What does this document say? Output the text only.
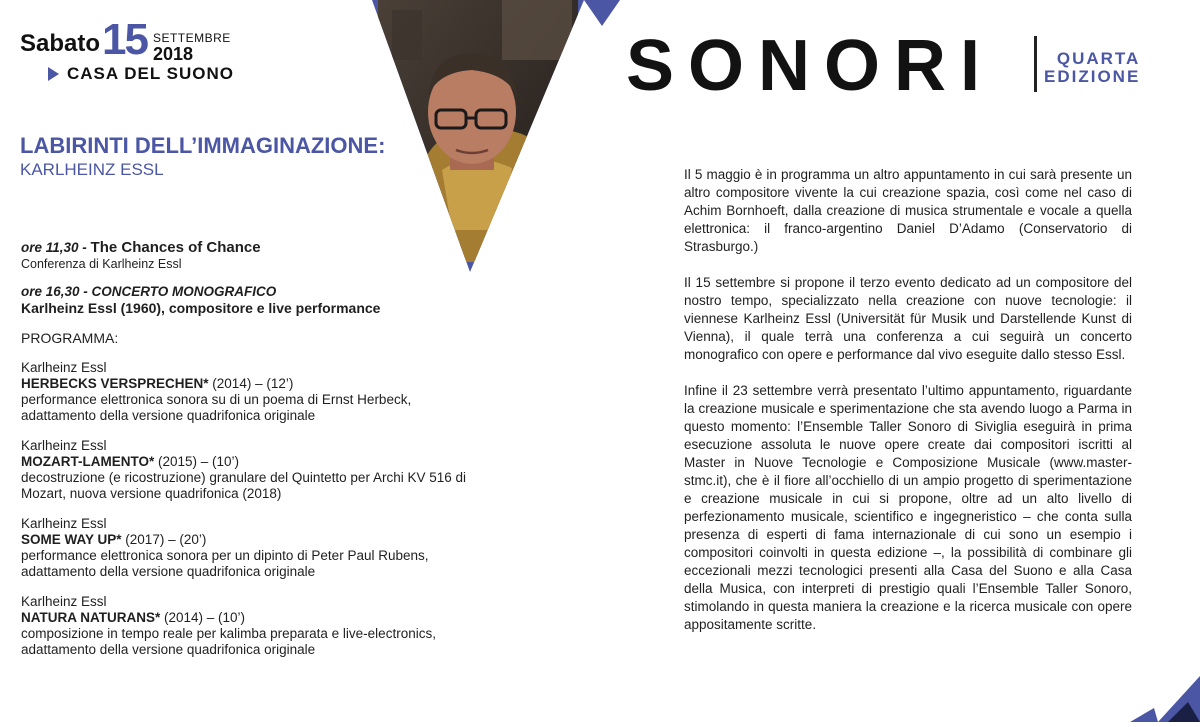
Sabato 15 SETTEMBRE
2018
CASA DEL SUONO	SONORI	QUARTA
EDIZIONE
LABIRINTI DELL’IMMAGINAZIONE:
KARLHEINZ ESSL

ore 11,30 - The Chances of Chance

Conferenza di Karlheinz Essl

ore 16,30 - CONCERTO MONOGRAFICO

Karlheinz Essl (1960), compositore e live performance

PROGRAMMA:

Karlheinz Essl

HERBECKS VERSPRECHEN* (2014) – (12’)

performance elettronica sonora su di un poema di Ernst Herbeck,

adattamento della versione quadrifonica originale

Karlheinz Essl

MOZART-LAMENTO* (2015) – (10’)

decostruzione (e ricostruzione) granulare del Quintetto per Archi KV 516 di

Mozart, nuova versione quadrifonica (2018)

Karlheinz Essl

SOME WAY UP* (2017) – (20’)

performance elettronica sonora per un dipinto di Peter Paul Rubens,

adattamento della versione quadrifonica originale

Karlheinz Essl

NATURA NATURANS* (2014) – (10’)

composizione in tempo reale per kalimba preparata e live-electronics,

adattamento della versione quadrifonica originale

Il 5 maggio è in programma un altro appuntamento in cui sarà presente un altro compositore vivente la cui creazione spazia, così come nel caso di Achim Bornhoeft, dalla creazione di musica strumentale e vocale a quella elettronica: il franco-argentino Daniel D’Adamo (Conservatorio di Strasburgo.)

Il 15 settembre si propone il terzo evento dedicato ad un compositore del nostro tempo, specializzato nella creazione con nuove tecnologie: il viennese Karlheinz Essl (Universität für Musik und Darstellende Kunst di Vienna), il quale terrà una conferenza a cui seguirà un concerto monografico con opere e performance dal vivo eseguite dallo stesso Essl.

Infine il 23 settembre verrà presentato l’ultimo appuntamento, riguardante la creazione musicale e sperimentazione che sta avendo luogo a Parma in questo momento: l’Ensemble Taller Sonoro di Siviglia eseguirà in prima esecuzione assoluta le nuove opere create dai compositori iscritti al Master in Nuove Tecnologie e Composizione Musicale (www.master-stmc.it), che è il fiore all’occhiello di un ampio progetto di sperimentazione e creazione musicale in cui si propone, oltre ad un alto livello di perfezionamento musicale, scientifico e ingegneristico – che conta sulla presenza di esperti di fama internazionale di cui sono un esempio i compositori coinvolti in questa edizione –, la possibilità di combinare gli eccezionali mezzi tecnologici presenti alla Casa del Suono e alla Casa della Musica, con interpreti di prestigio quali l’Ensemble Taller Sonoro, stimolando in questa maniera la creazione e la ricerca musicale con opere appositamente scritte.
